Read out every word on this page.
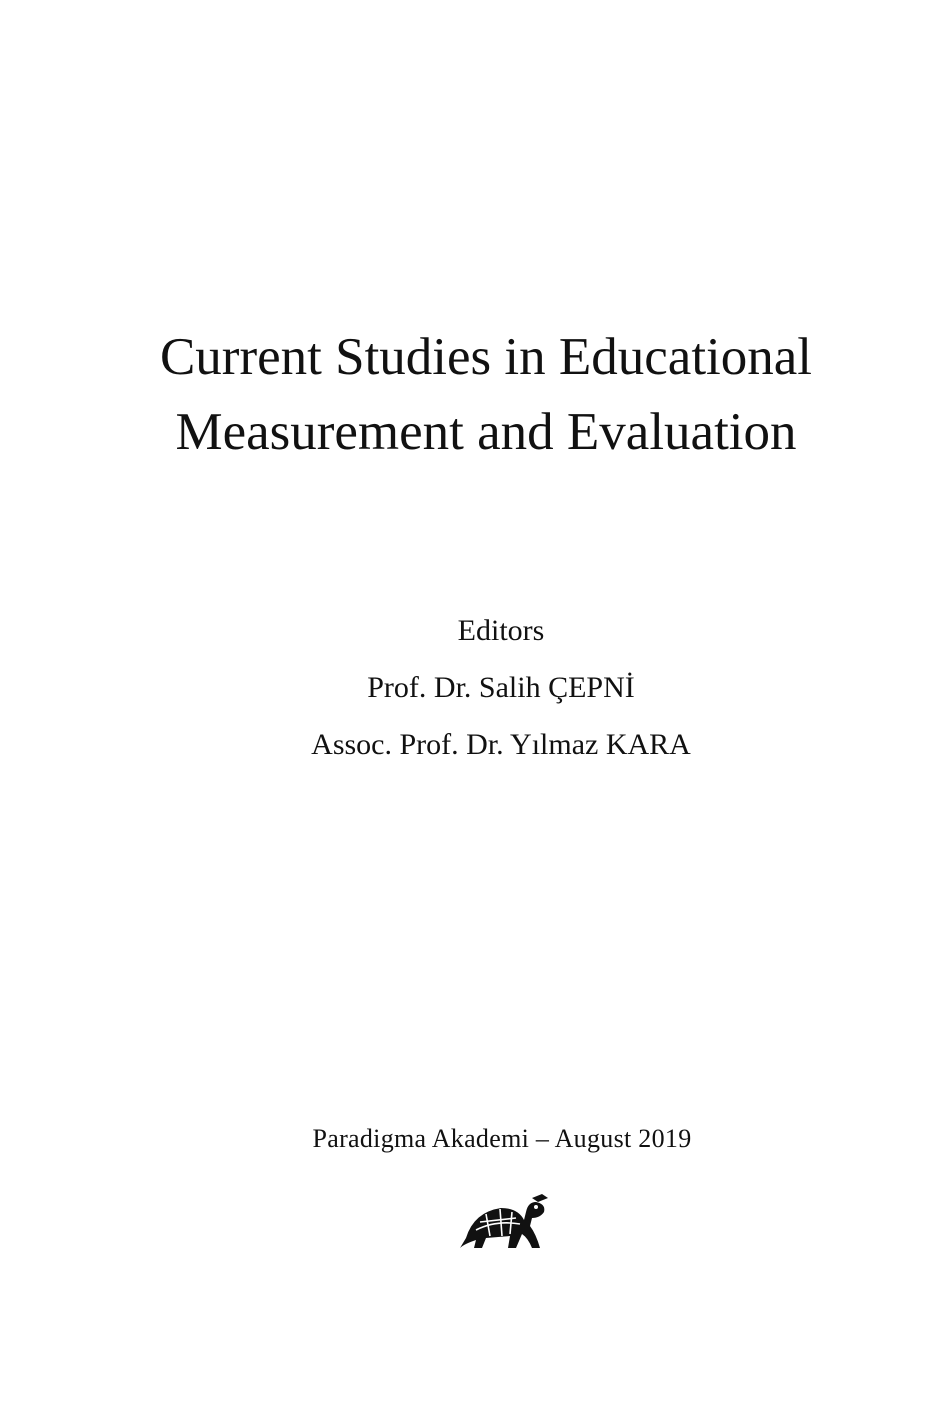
Current Studies in Educational
Measurement and Evaluation
Editors
Prof. Dr. Salih ÇEPNİ
Assoc. Prof. Dr. Yılmaz KARA
Paradigma Akademi – August 2019
